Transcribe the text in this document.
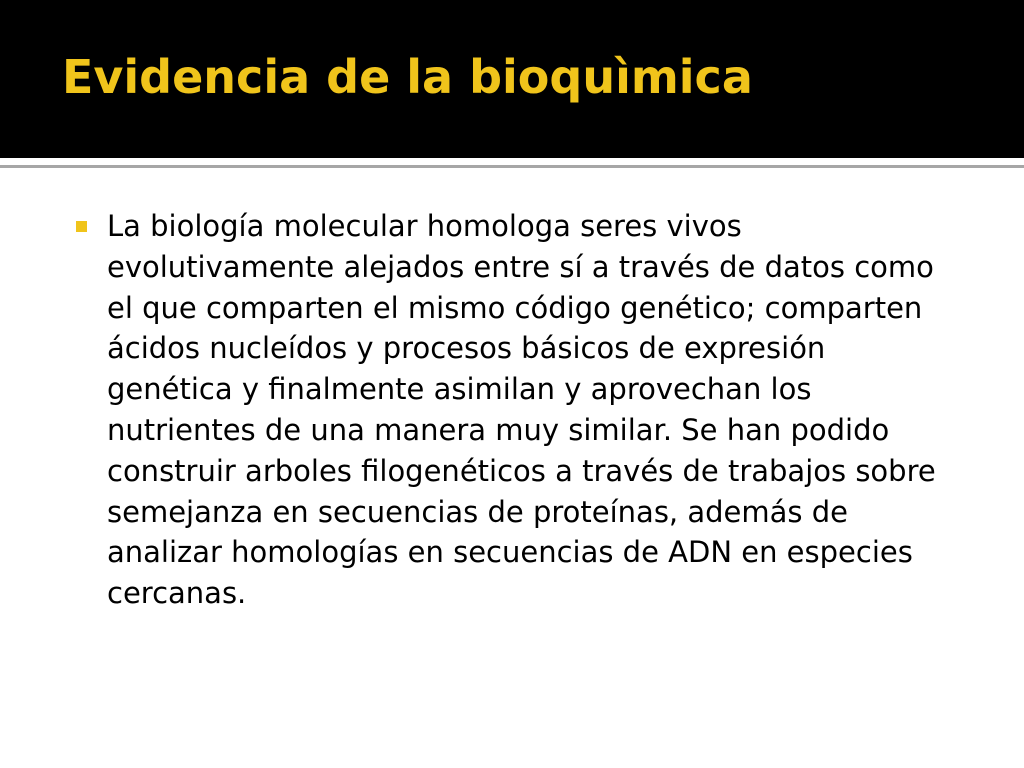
Evidencia de la bioquìmica
La biología molecular homologa seres vivos evolutivamente alejados entre sí a través de datos como el que comparten el mismo código genético; comparten ácidos nucleídos y procesos básicos de expresión genética y finalmente asimilan y aprovechan los nutrientes de una manera muy similar. Se han podido construir arboles filogenéticos a través de trabajos sobre semejanza en secuencias de proteínas, además de analizar homologías en secuencias de ADN en especies cercanas.
